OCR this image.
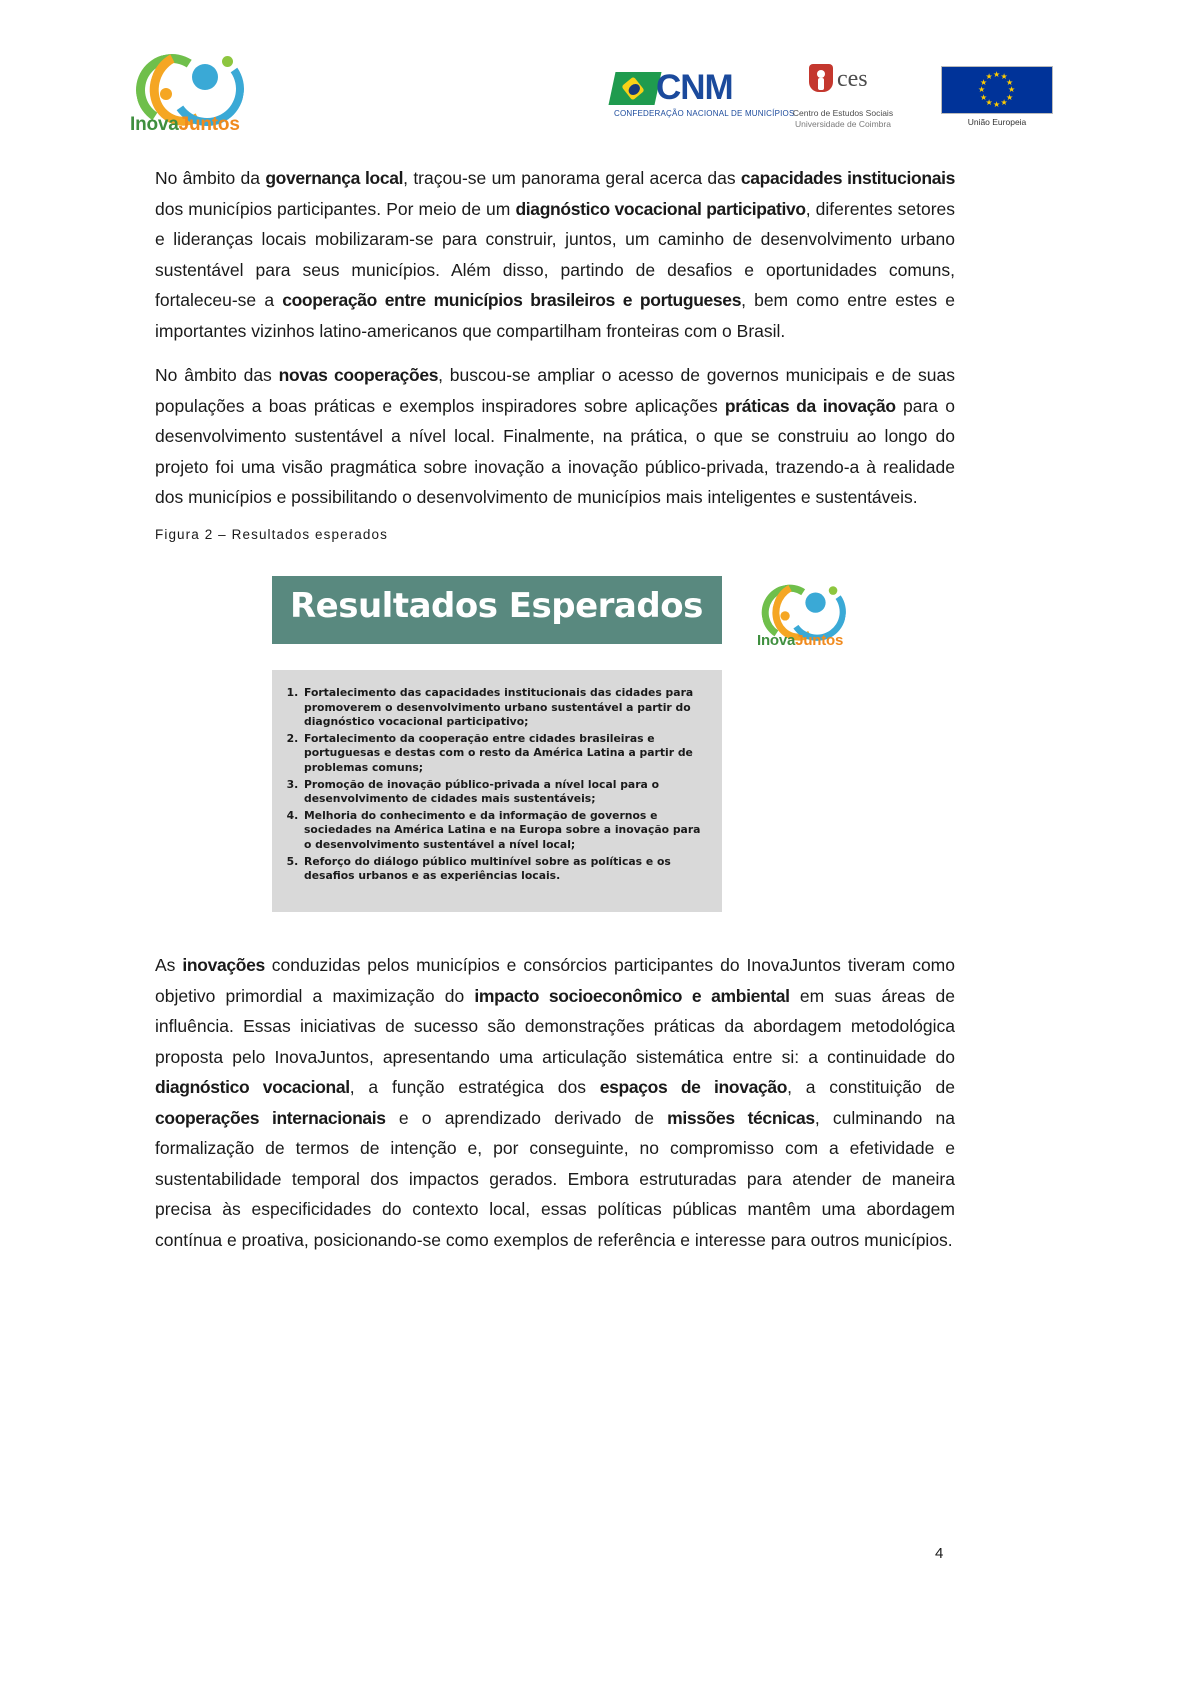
InovaJuntos
CNM
CONFEDERAÇÃO NACIONAL DE MUNICÍPIOS
ces
Centro de Estudos Sociais
Universidade de Coimbra
★ ★
★
★
★
★
★
★
★
★
★
★
União Europeia

No âmbito da governança local, traçou-se um panorama geral acerca das capacidades institucionais dos municípios participantes. Por meio de um diagnóstico vocacional participativo, diferentes setores e lideranças locais mobilizaram-se para construir, juntos, um caminho de desenvolvimento urbano sustentável para seus municípios. Além disso, partindo de desafios e oportunidades comuns, fortaleceu-se a cooperação entre municípios brasileiros e portugueses, bem como entre estes e importantes vizinhos latino-americanos que compartilham fronteiras com o Brasil.

No âmbito das novas cooperações, buscou-se ampliar o acesso de governos municipais e de suas populações a boas práticas e exemplos inspiradores sobre aplicações práticas da inovação para o desenvolvimento sustentável a nível local. Finalmente, na prática, o que se construiu ao longo do projeto foi uma visão pragmática sobre inovação a inovação público-privada, trazendo-a à realidade dos municípios e possibilitando o desenvolvimento de municípios mais inteligentes e sustentáveis.

Figura 2 – Resultados esperados

Resultados Esperados
InovaJuntos
1. Fortalecimento das capacidades institucionais das cidades para promoverem o desenvolvimento urbano sustentável a partir do diagnóstico vocacional participativo;
2. Fortalecimento da cooperação entre cidades brasileiras e portuguesas e destas com o resto da América Latina a partir de problemas comuns;
3. Promoção de inovação público-privada a nível local para o desenvolvimento de cidades mais sustentáveis;
4. Melhoria do conhecimento e da informação de governos e sociedades na América Latina e na Europa sobre a inovação para o desenvolvimento sustentável a nível local;
5. Reforço do diálogo público multinível sobre as políticas e os desafios urbanos e as experiências locais.

As inovações conduzidas pelos municípios e consórcios participantes do InovaJuntos tiveram como objetivo primordial a maximização do impacto socioeconômico e ambiental em suas áreas de influência. Essas iniciativas de sucesso são demonstrações práticas da abordagem metodológica proposta pelo InovaJuntos, apresentando uma articulação sistemática entre si: a continuidade do diagnóstico vocacional, a função estratégica dos espaços de inovação, a constituição de cooperações internacionais e o aprendizado derivado de missões técnicas, culminando na formalização de termos de intenção e, por conseguinte, no compromisso com a efetividade e sustentabilidade temporal dos impactos gerados. Embora estruturadas para atender de maneira precisa às especificidades do contexto local, essas políticas públicas mantêm uma abordagem contínua e proativa, posicionando-se como exemplos de referência e interesse para outros municípios.

4
